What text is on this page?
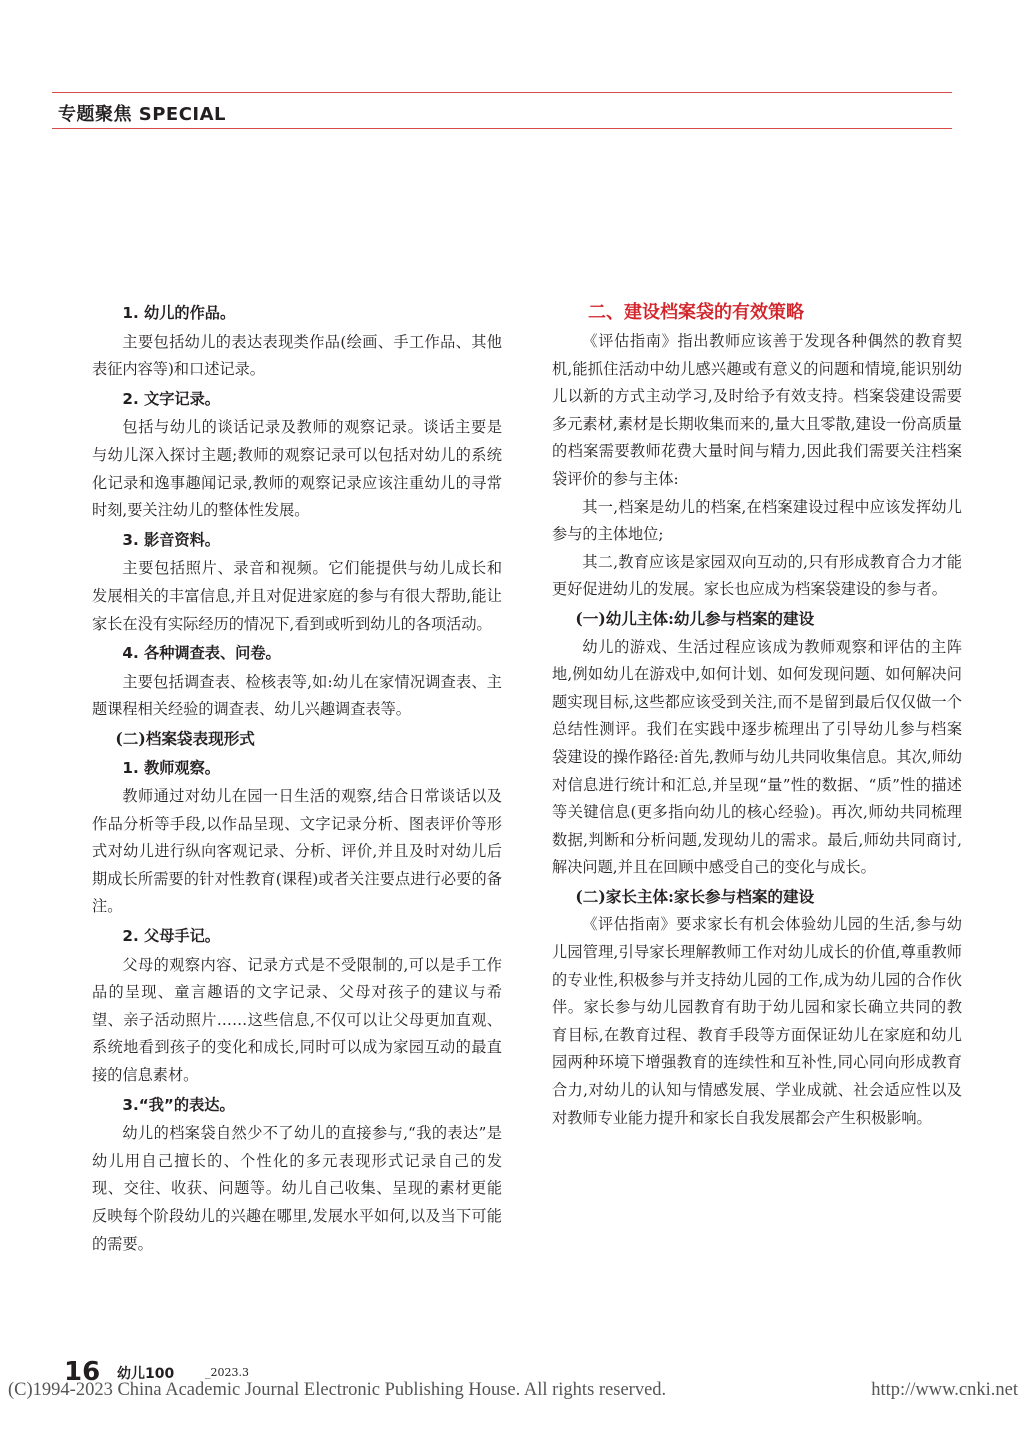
专题聚焦 SPECIAL
1. 幼儿的作品。

主要包括幼儿的表达表现类作品(绘画、手工作品、其他表征内容等)和口述记录。

2. 文字记录。

包括与幼儿的谈话记录及教师的观察记录。谈话主要是与幼儿深入探讨主题;教师的观察记录可以包括对幼儿的系统化记录和逸事趣闻记录,教师的观察记录应该注重幼儿的寻常时刻,要关注幼儿的整体性发展。

3. 影音资料。

主要包括照片、录音和视频。它们能提供与幼儿成长和发展相关的丰富信息,并且对促进家庭的参与有很大帮助,能让家长在没有实际经历的情况下,看到或听到幼儿的各项活动。

4. 各种调查表、问卷。

主要包括调查表、检核表等,如:幼儿在家情况调查表、主题课程相关经验的调查表、幼儿兴趣调查表等。

(二)档案袋表现形式
1. 教师观察。

教师通过对幼儿在园一日生活的观察,结合日常谈话以及作品分析等手段,以作品呈现、文字记录分析、图表评价等形式对幼儿进行纵向客观记录、分析、评价,并且及时对幼儿后期成长所需要的针对性教育(课程)或者关注要点进行必要的备注。

2. 父母手记。

父母的观察内容、记录方式是不受限制的,可以是手工作品的呈现、童言趣语的文字记录、父母对孩子的建议与希望、亲子活动照片……这些信息,不仅可以让父母更加直观、系统地看到孩子的变化和成长,同时可以成为家园互动的最直接的信息素材。

3.“我”的表达。

幼儿的档案袋自然少不了幼儿的直接参与,“我的表达”是幼儿用自己擅长的、个性化的多元表现形式记录自己的发现、交往、收获、问题等。幼儿自己收集、呈现的素材更能反映每个阶段幼儿的兴趣在哪里,发展水平如何,以及当下可能的需要。

二、建设档案袋的有效策略

《评估指南》指出教师应该善于发现各种偶然的教育契机,能抓住活动中幼儿感兴趣或有意义的问题和情境,能识别幼儿以新的方式主动学习,及时给予有效支持。档案袋建设需要多元素材,素材是长期收集而来的,量大且零散,建设一份高质量的档案需要教师花费大量时间与精力,因此我们需要关注档案袋评价的参与主体:

其一,档案是幼儿的档案,在档案建设过程中应该发挥幼儿参与的主体地位;

其二,教育应该是家园双向互动的,只有形成教育合力才能更好促进幼儿的发展。家长也应成为档案袋建设的参与者。

(一)幼儿主体:幼儿参与档案的建设

幼儿的游戏、生活过程应该成为教师观察和评估的主阵地,例如幼儿在游戏中,如何计划、如何发现问题、如何解决问题实现目标,这些都应该受到关注,而不是留到最后仅仅做一个总结性测评。我们在实践中逐步梳理出了引导幼儿参与档案袋建设的操作路径:首先,教师与幼儿共同收集信息。其次,师幼对信息进行统计和汇总,并呈现“量”性的数据、“质”性的描述等关键信息(更多指向幼儿的核心经验)。再次,师幼共同梳理数据,判断和分析问题,发现幼儿的需求。最后,师幼共同商讨,解决问题,并且在回顾中感受自己的变化与成长。

(二)家长主体:家长参与档案的建设

《评估指南》要求家长有机会体验幼儿园的生活,参与幼儿园管理,引导家长理解教师工作对幼儿成长的价值,尊重教师的专业性,积极参与并支持幼儿园的工作,成为幼儿园的合作伙伴。家长参与幼儿园教育有助于幼儿园和家长确立共同的教育目标,在教育过程、教育手段等方面保证幼儿在家庭和幼儿园两种环境下增强教育的连续性和互补性,同心同向形成教育合力,对幼儿的认知与情感发展、学业成就、社会适应性以及对教师专业能力提升和家长自我发展都会产生积极影响。

16 幼儿100	_2023.3
(C)1994-2023 China Academic Journal Electronic Publishing House. All rights reserved.	http://www.cnki.net
